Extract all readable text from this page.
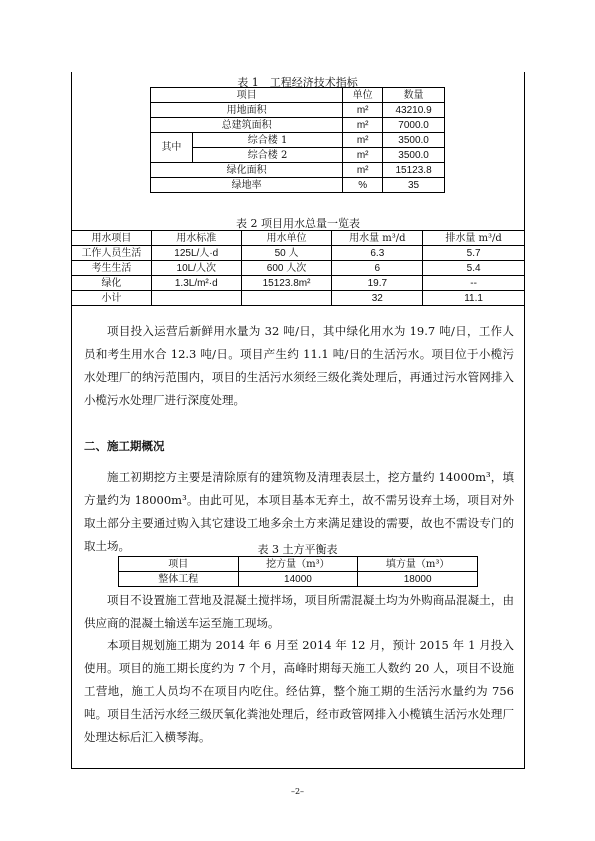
表 1　工程经济技术指标
项目		单位	数量
用地面积		m²	43210.9
总建筑面积		m²	7000.0
其中	综合楼 1	m²	3500.0
	综合楼 2	m²	3500.0
绿化面积		m²	15123.8
绿地率		%	35
表 2 项目用水总量一览表
用水项目	用水标准	用水单位	用水量 m³/d	排水量 m³/d
工作人员生活	125L/人·d	50 人	6.3	5.7
考生生活	10L/人次	600 人次	6	5.4
绿化	1.3L/m²·d	15123.8m²	19.7	--
小计			32	11.1
项目投入运营后新鲜用水量为 32 吨/日，其中绿化用水为 19.7 吨/日，工作人员和考生用水合 12.3 吨/日。项目产生约 11.1 吨/日的生活污水。项目位于小榄污水处理厂的纳污范围内，项目的生活污水须经三级化粪处理后，再通过污水管网排入小榄污水处理厂进行深度处理。
二、施工期概况
施工初期挖方主要是清除原有的建筑物及清理表层土，挖方量约 14000m³，填方量约为 18000m³。由此可见，本项目基本无弃土，故不需另设弃土场，项目对外取土部分主要通过购入其它建设工地多余土方来满足建设的需要，故也不需设专门的取土场。	表 3 土方平衡表
项目	挖方量（m³）	填方量（m³）
整体工程	14000	18000
项目不设置施工营地及混凝土搅拌场，项目所需混凝土均为外购商品混凝土，由供应商的混凝土输送车运至施工现场。
本项目规划施工期为 2014 年 6 月至 2014 年 12 月，预计 2015 年 1 月投入使用。项目的施工期长度约为 7 个月，高峰时期每天施工人数约 20 人，项目不设施工营地，施工人员均不在项目内吃住。经估算，整个施工期的生活污水量约为 756 吨。项目生活污水经三级厌氧化粪池处理后，经市政管网排入小榄镇生活污水处理厂处理达标后汇入横琴海。
–2–
